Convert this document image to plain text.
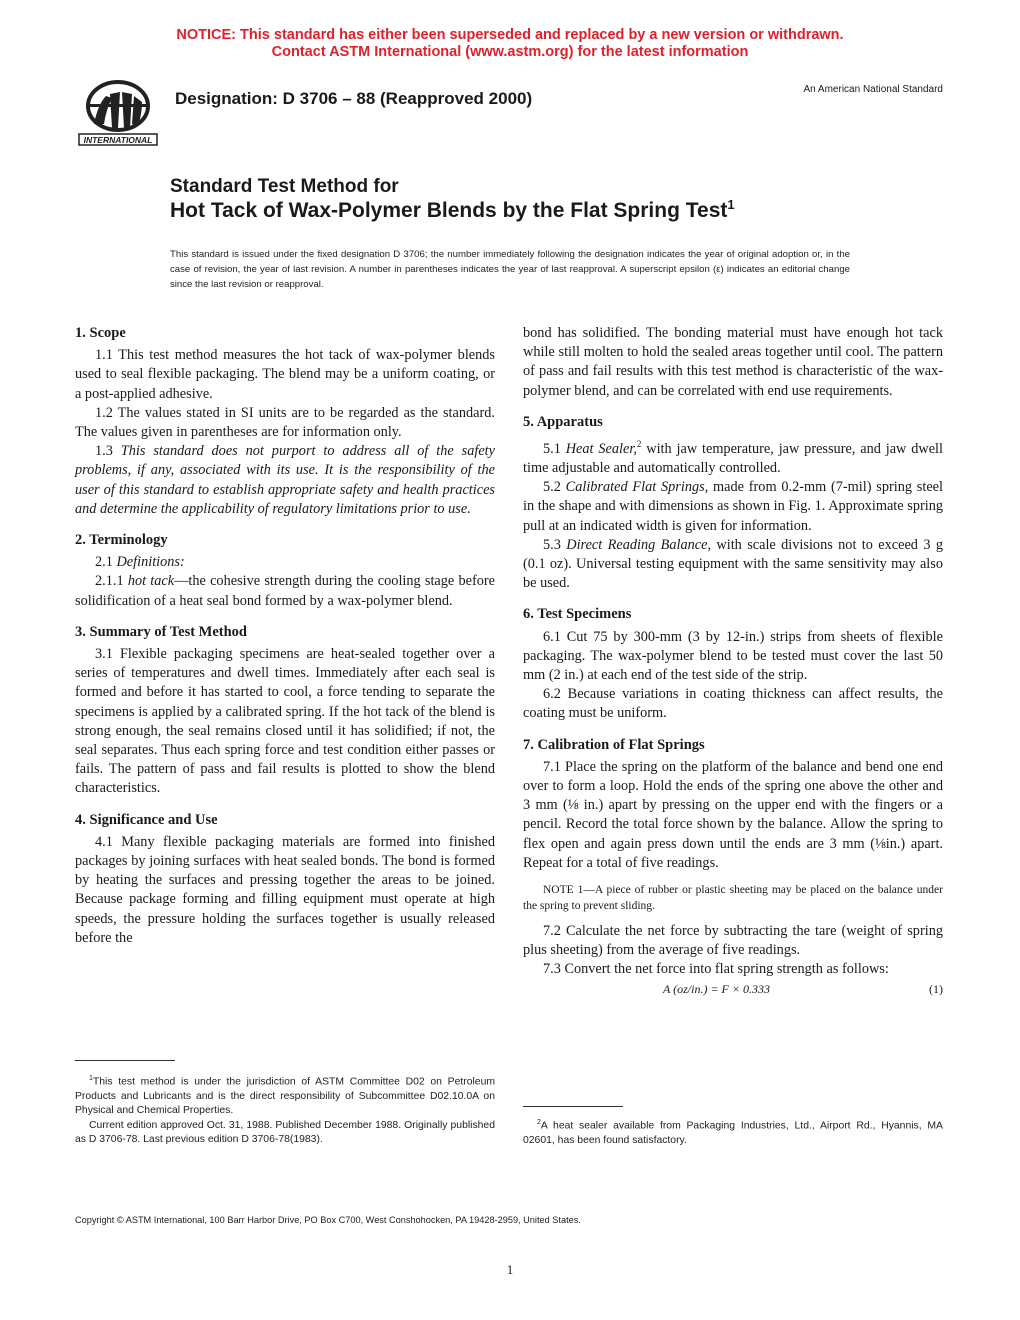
NOTICE: This standard has either been superseded and replaced by a new version or withdrawn.
Contact ASTM International (www.astm.org) for the latest information
INTERNATIONAL
Designation: D 3706 – 88 (Reapproved 2000)	An American National Standard
Standard Test Method for
Hot Tack of Wax-Polymer Blends by the Flat Spring Test$^1$
This standard is issued under the fixed designation D 3706; the number immediately following the designation indicates the year of original adoption or, in the case of revision, the year of last revision. A number in parentheses indicates the year of last reapproval. A superscript epsilon (ε) indicates an editorial change since the last revision or reapproval.
1. Scope

1.1 This test method measures the hot tack of wax-polymer blends used to seal flexible packaging. The blend may be a uniform coating, or a post-applied adhesive.

1.2 The values stated in SI units are to be regarded as the standard. The values given in parentheses are for information only.

1.3 This standard does not purport to address all of the safety problems, if any, associated with its use. It is the responsibility of the user of this standard to establish appropriate safety and health practices and determine the applicability of regulatory limitations prior to use.

2. Terminology

2.1 Definitions:

2.1.1 hot tack—the cohesive strength during the cooling stage before solidification of a heat seal bond formed by a wax-polymer blend.

3. Summary of Test Method

3.1 Flexible packaging specimens are heat-sealed together over a series of temperatures and dwell times. Immediately after each seal is formed and before it has started to cool, a force tending to separate the specimens is applied by a calibrated spring. If the hot tack of the blend is strong enough, the seal remains closed until it has solidified; if not, the seal separates. Thus each spring force and test condition either passes or fails. The pattern of pass and fail results is plotted to show the blend characteristics.

4. Significance and Use

4.1 Many flexible packaging materials are formed into finished packages by joining surfaces with heat sealed bonds. The bond is formed by heating the surfaces and pressing together the areas to be joined. Because package forming and filling equipment must operate at high speeds, the pressure holding the surfaces together is usually released before the

bond has solidified. The bonding material must have enough hot tack while still molten to hold the sealed areas together until cool. The pattern of pass and fail results with this test method is characteristic of the wax-polymer blend, and can be correlated with end use requirements.

5. Apparatus

5.1 Heat Sealer,$^2$ with jaw temperature, jaw pressure, and jaw dwell time adjustable and automatically controlled.

5.2 Calibrated Flat Springs, made from 0.2-mm (7-mil) spring steel in the shape and with dimensions as shown in Fig. 1. Approximate spring pull at an indicated width is given for information.

5.3 Direct Reading Balance, with scale divisions not to exceed 3 g (0.1 oz). Universal testing equipment with the same sensitivity may also be used.

6. Test Specimens

6.1 Cut 75 by 300-mm (3 by 12-in.) strips from sheets of flexible packaging. The wax-polymer blend to be tested must cover the last 50 mm (2 in.) at each end of the test side of the strip.

6.2 Because variations in coating thickness can affect results, the coating must be uniform.

7. Calibration of Flat Springs

7.1 Place the spring on the platform of the balance and bend one end over to form a loop. Hold the ends of the spring one above the other and 3 mm (⅛ in.) apart by pressing on the upper end with the fingers or a pencil. Record the total force shown by the balance. Allow the spring to flex open and again press down until the ends are 3 mm (⅛in.) apart. Repeat for a total of five readings.

NOTE 1—A piece of rubber or plastic sheeting may be placed on the balance under the spring to prevent sliding.

7.2 Calculate the net force by subtracting the tare (weight of spring plus sheeting) from the average of five readings.

7.3 Convert the net force into flat spring strength as follows:

A (oz/in.) = F × 0.333	(1)

$^1$This test method is under the jurisdiction of ASTM Committee D02 on Petroleum Products and Lubricants and is the direct responsibility of Subcommittee D02.10.0A on Physical and Chemical Properties.

Current edition approved Oct. 31, 1988. Published December 1988. Originally published as D 3706-78. Last previous edition D 3706-78(1983).

$^2$A heat sealer available from Packaging Industries, Ltd., Airport Rd., Hyannis, MA 02601, has been found satisfactory.

Copyright © ASTM International, 100 Barr Harbor Drive, PO Box C700, West Conshohocken, PA 19428-2959, United States.
1
